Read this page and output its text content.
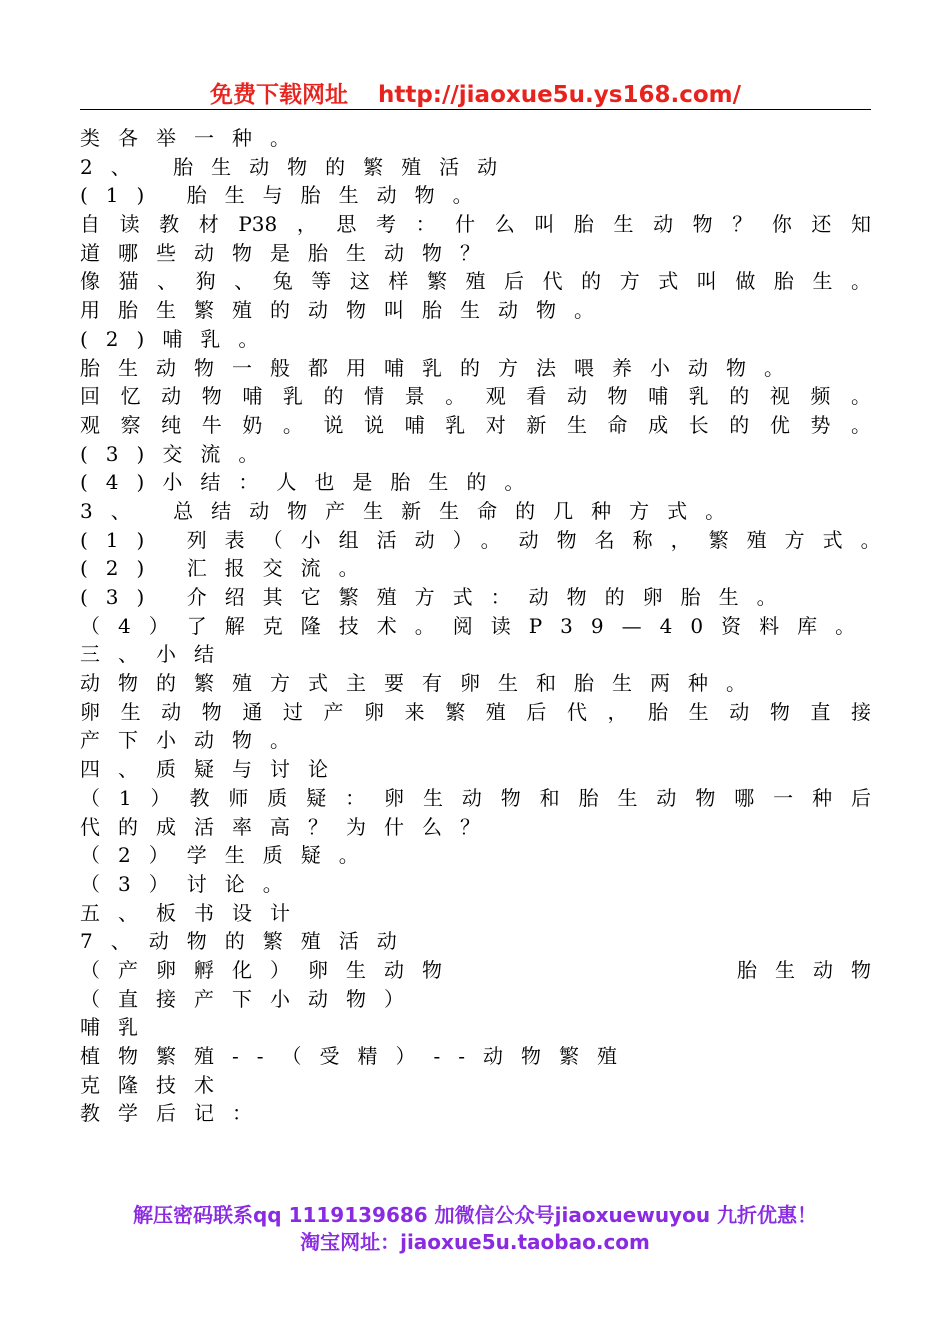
免费下载网址 http://jiaoxue5u.ys168.com/
类各举一种。
2、 胎生动物的繁殖活动
(1) 胎生与胎生动物。
自读教材P38，思考：什么叫胎生动物？你还知
道哪些动物是胎生动物？
像猫、狗、兔等这样繁殖后代的方式叫做胎生。
用胎生繁殖的动物叫胎生动物。
(2)哺乳。
胎生动物一般都用哺乳的方法喂养小动物。
回忆动物哺乳的情景。观看动物哺乳的视频。
观察纯牛奶。说说哺乳对新生命成长的优势。
(3)交流。
(4)小结：人也是胎生的。
3、 总结动物产生新生命的几种方式。
(1) 列表（小组活动）。动物名称，繁殖方式。
(2) 汇报交流。
(3) 介绍其它繁殖方式：动物的卵胎生。
（4）了解克隆技术。阅读P39—40资料库。
三、小结
动物的繁殖方式主要有卵生和胎生两种。
卵生动物通过产卵来繁殖后代，胎生动物直接
产下小动物。
四、质疑与讨论
（1）教师质疑：卵生动物和胎生动物哪一种后
代的成活率高？为什么？
（2）学生质疑。
（3）讨论。
五、板书设计
7、动物的繁殖活动
（产卵孵化）卵生动物	胎生动物
（直接产下小动物）
哺乳
植物繁殖--（受精）--动物繁殖
克隆技术
教学后记：
解压密码联系qq 1119139686 加微信公众号jiaoxuewuyou 九折优惠！
淘宝网址：jiaoxue5u.taobao.com
